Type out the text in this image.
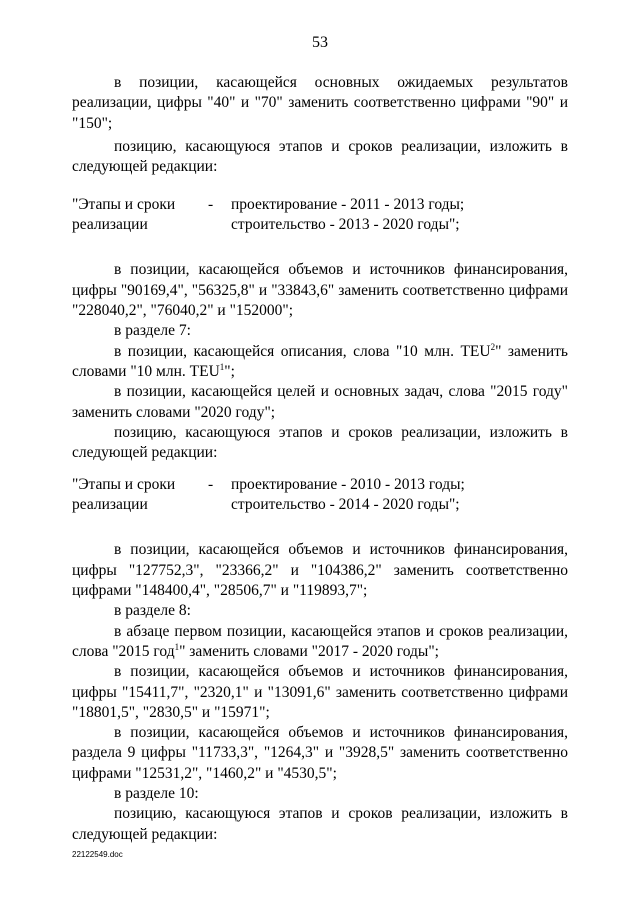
53

в позиции, касающейся основных ожидаемых результатов реализации, цифры "40" и "70" заменить соответственно цифрами "90" и "150";

позицию, касающуюся этапов и сроков реализации, изложить в следующей редакции:

"Этапы и сроки
реализации
- проектирование - 2011 - 2013 годы;
строительство - 2013 - 2020 годы";

в позиции, касающейся объемов и источников финансирования, цифры "90169,4", "56325,8" и "33843,6" заменить соответственно цифрами "228040,2", "76040,2" и "152000";

в разделе 7:

в позиции, касающейся описания, слова "10 млн. TEU$^2$" заменить словами "10 млн. TEU$^1$";

в позиции, касающейся целей и основных задач, слова "2015 году" заменить словами "2020 году";

позицию, касающуюся этапов и сроков реализации, изложить в следующей редакции:

"Этапы и сроки
реализации
- проектирование - 2010 - 2013 годы;
строительство - 2014 - 2020 годы";

в позиции, касающейся объемов и источников финансирования, цифры "127752,3", "23366,2" и "104386,2" заменить соответственно цифрами "148400,4", "28506,7" и "119893,7";

в разделе 8:

в абзаце первом позиции, касающейся этапов и сроков реализации, слова "2015 год$^1$" заменить словами "2017 - 2020 годы";

в позиции, касающейся объемов и источников финансирования, цифры "15411,7", "2320,1" и "13091,6" заменить соответственно цифрами "18801,5", "2830,5" и "15971";

в позиции, касающейся объемов и источников финансирования, раздела 9 цифры "11733,3", "1264,3" и "3928,5" заменить соответственно цифрами "12531,2", "1460,2" и "4530,5";

в разделе 10:

позицию, касающуюся этапов и сроков реализации, изложить в следующей редакции:

22122549.doc
